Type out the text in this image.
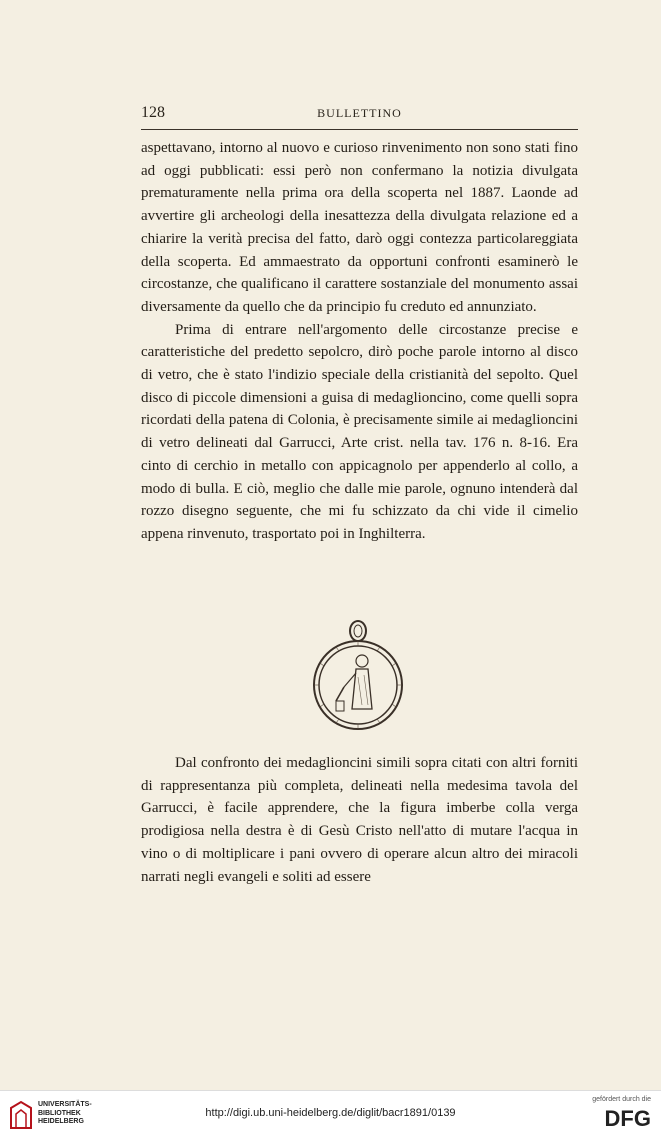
128	BULLETTINO

aspettavano, intorno al nuovo e curioso rinvenimento non sono stati fino ad oggi pubblicati: essi però non confermano la notizia divulgata prematuramente nella prima ora della scoperta nel 1887. Laonde ad avvertire gli archeologi della inesattezza della divulgata relazione ed a chiarire la verità precisa del fatto, darò oggi contezza particolareggiata della scoperta. Ed ammaestrato da opportuni confronti esaminerò le circostanze, che qualificano il carattere sostanziale del monumento assai diversamente da quello che da principio fu creduto ed annunziato.

Prima di entrare nell'argomento delle circostanze precise e caratteristiche del predetto sepolcro, dirò poche parole intorno al disco di vetro, che è stato l'indizio speciale della cristianità del sepolto. Quel disco di piccole dimensioni a guisa di medaglioncino, come quelli sopra ricordati della patena di Colonia, è precisamente simile ai medaglioncini di vetro delineati dal Garrucci, Arte crist. nella tav. 176 n. 8-16. Era cinto di cerchio in metallo con appicagnolo per appenderlo al collo, a modo di bulla. E ciò, meglio che dalle mie parole, ognuno intenderà dal rozzo disegno seguente, che mi fu schizzato da chi vide il cimelio appena rinvenuto, trasportato poi in Inghilterra.

Dal confronto dei medaglioncini simili sopra citati con altri forniti di rappresentanza più completa, delineati nella medesima tavola del Garrucci, è facile apprendere, che la figura imberbe colla verga prodigiosa nella destra è di Gesù Cristo nell'atto di mutare l'acqua in vino o di moltiplicare i pani ovvero di operare alcun altro dei miracoli narrati negli evangeli e soliti ad essere

UNIVERSITÄTS-
BIBLIOTHEK
HEIDELBERG
http://digi.ub.uni-heidelberg.de/diglit/bacr1891/0139
gefördert durch die
DFG
